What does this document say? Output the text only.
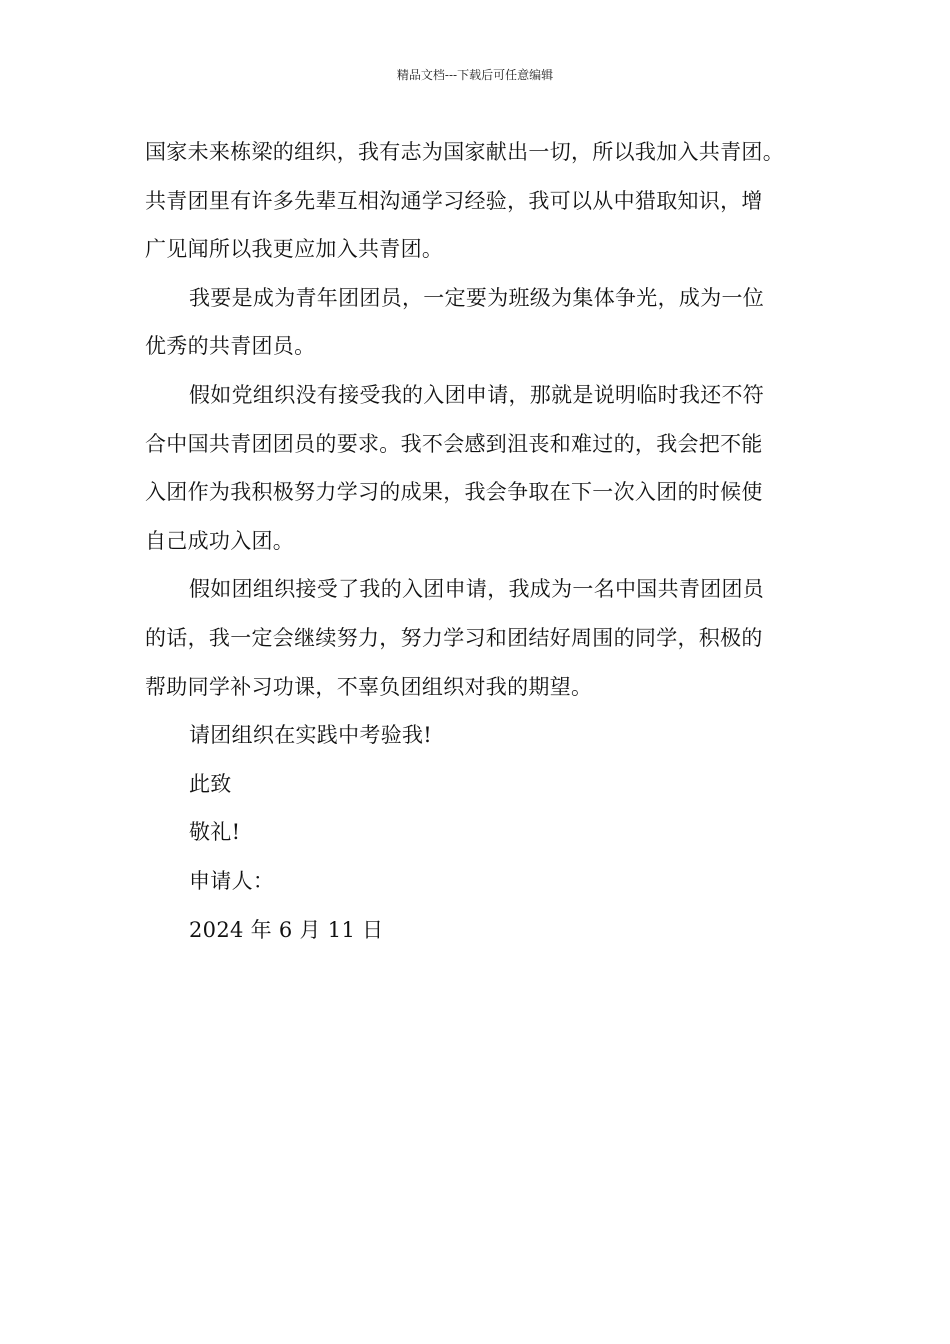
精品文档---下载后可任意编辑
国家未来栋梁的组织，我有志为国家献出一切，所以我加入共青团。
共青团里有许多先辈互相沟通学习经验，我可以从中猎取知识，增
广见闻所以我更应加入共青团。
我要是成为青年团团员，一定要为班级为集体争光，成为一位
优秀的共青团员。
假如党组织没有接受我的入团申请，那就是说明临时我还不符
合中国共青团团员的要求。我不会感到沮丧和难过的，我会把不能
入团作为我积极努力学习的成果，我会争取在下一次入团的时候使
自己成功入团。
假如团组织接受了我的入团申请，我成为一名中国共青团团员
的话，我一定会继续努力，努力学习和团结好周围的同学，积极的
帮助同学补习功课，不辜负团组织对我的期望。
请团组织在实践中考验我!
此致
敬礼!
申请人：
2024 年 6 月 11 日
